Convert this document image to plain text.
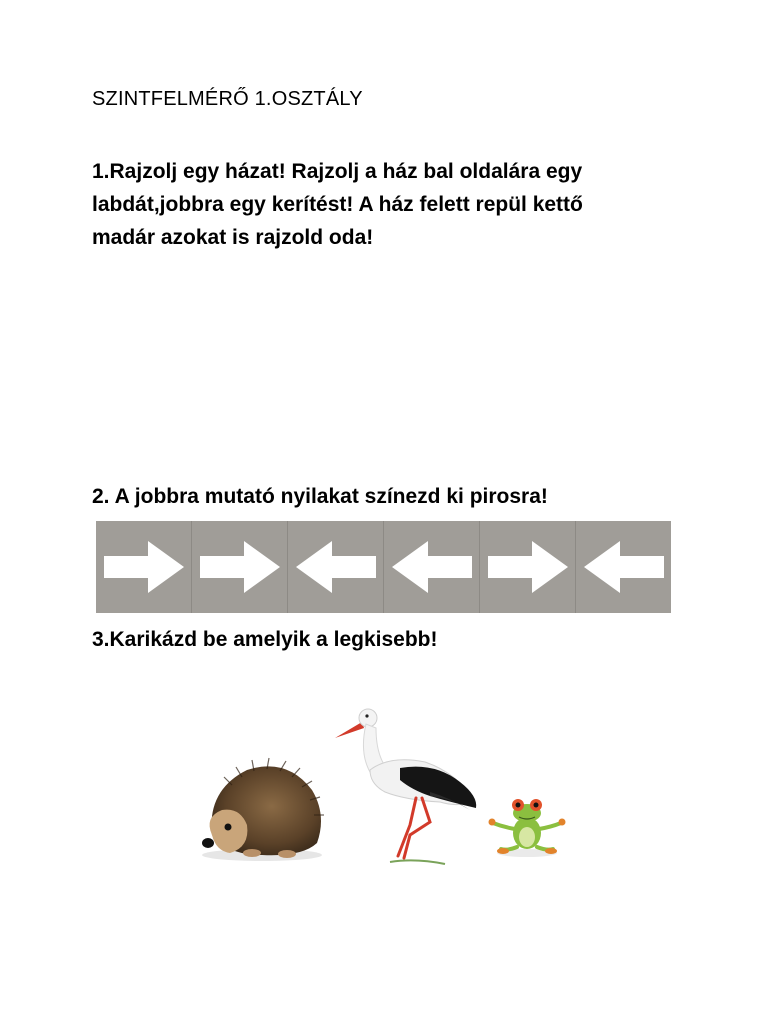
SZINTFELMÉRŐ 1.OSZTÁLY
1.Rajzolj egy házat! Rajzolj a ház bal oldalára egy
labdát,jobbra egy kerítést! A ház felett repül kettő
madár azokat is rajzold oda!
2. A jobbra mutató nyilakat színezd ki pirosra!
3.Karikázd be amelyik a legkisebb!
